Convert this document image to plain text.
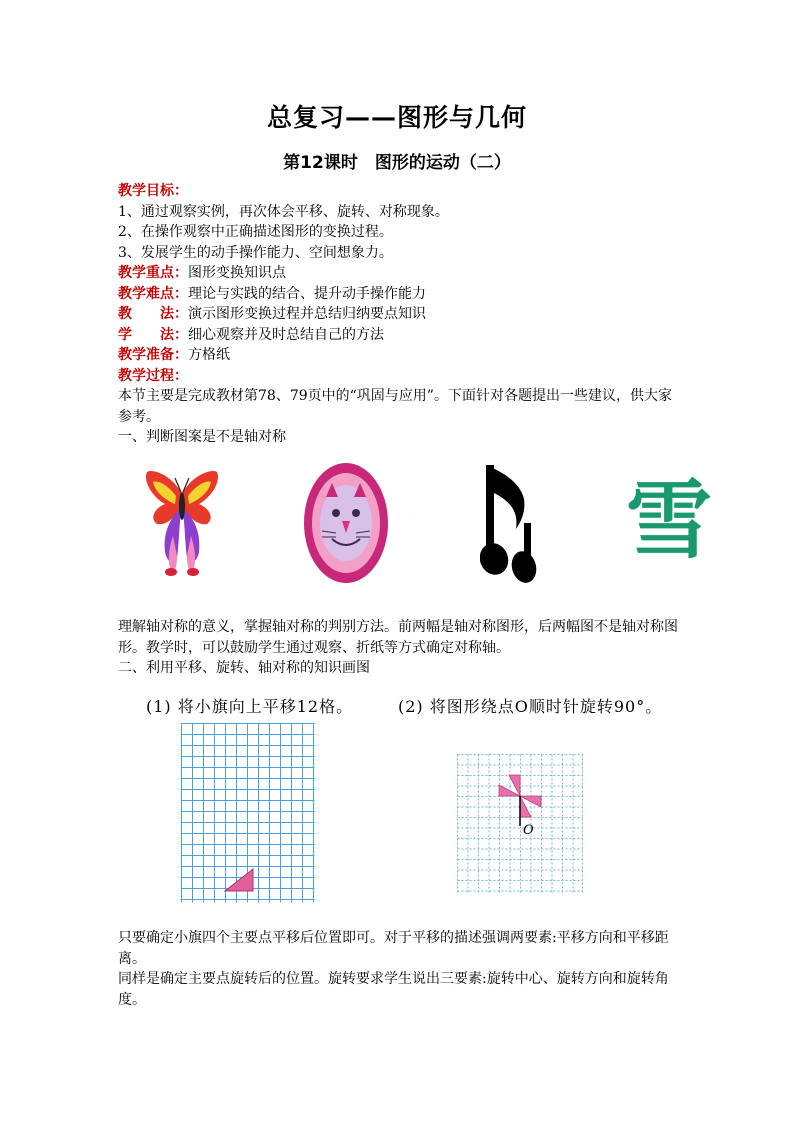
总复习——图形与几何
第12课时　图形的运动（二）
教学目标：
1、通过观察实例，再次体会平移、旋转、对称现象。
2、在操作观察中正确描述图形的变换过程。
3、发展学生的动手操作能力、空间想象力。
教学重点：图形变换知识点
教学难点：理论与实践的结合、提升动手操作能力
教　　法：演示图形变换过程并总结归纳要点知识
学　　法：细心观察并及时总结自己的方法
教学准备：方格纸
教学过程：
本节主要是完成教材第78、79页中的“巩固与应用”。下面针对各题提出一些建议，供大家参考。
一、判断图案是不是轴对称
雪
理解轴对称的意义，掌握轴对称的判别方法。前两幅是轴对称图形，后两幅图不是轴对称图形。教学时，可以鼓励学生通过观察、折纸等方式确定对称轴。
二、利用平移、旋转、轴对称的知识画图
(1) 将小旗向上平移12格。	(2) 将图形绕点O顺时针旋转90°。
O
只要确定小旗四个主要点平移后位置即可。对于平移的描述强调两要素:平移方向和平移距离。
同样是确定主要点旋转后的位置。旋转要求学生说出三要素:旋转中心、旋转方向和旋转角度。
